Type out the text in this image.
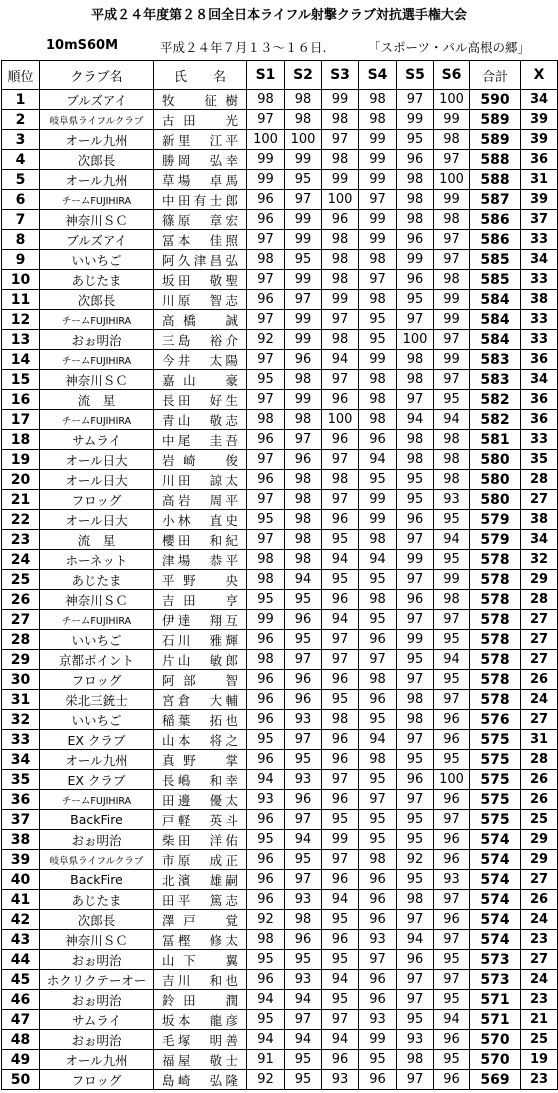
平成２４年度第２８回全日本ライフル射撃クラブ対抗選手権大会
10mS60M	平成２４年７月１３～１６日.	「スポーツ・パル高根の郷」
順位	クラブ名	氏　　名	S1	S2	S3	S4	S5	S6	合計	X
1	ブルズアイ	牧　征樹	98	98	99	98	97	100	590	34
2	岐阜県ライフルクラブ	古田　光	97	98	98	98	99	99	589	39
3	オール九州	新里　江平	100	100	97	99	95	98	589	39
4	次郎長	勝岡　弘幸	99	99	98	99	96	97	588	36
5	オール九州	草場　卓馬	99	95	99	99	98	100	588	31
6	チームFUJIHIRA	中田有士郎	96	97	100	97	98	99	587	39
7	神奈川ＳＣ	篠原　章宏	96	99	96	99	98	98	586	37
8	ブルズアイ	冨本　佳照	97	99	98	99	96	97	586	33
9	いいちご	阿久津昌弘	98	95	98	98	99	97	585	34
10	あじたま	坂田　敬聖	97	99	98	97	96	98	585	33
11	次郎長	川原　智志	96	97	99	98	95	99	584	38
12	チームFUJIHIRA	高橋　誠	97	99	97	95	97	99	584	33
13	おぉ明治	三島　裕介	92	99	98	95	100	97	584	33
14	チームFUJIHIRA	今井　太陽	97	96	94	99	98	99	583	36
15	神奈川ＳＣ	嘉山　豪	95	98	97	98	98	97	583	34
16	流　星	長田　好生	97	99	96	98	97	95	582	36
17	チームFUJIHIRA	青山　敬志	98	98	100	98	94	94	582	36
18	サムライ	中尾　圭吾	96	97	96	96	98	98	581	33
19	オール日大	岩崎　俊	97	96	97	94	98	98	580	35
20	オール日大	川田　諒太	96	98	98	95	95	98	580	28
21	フロッグ	高岩　周平	97	98	97	99	95	93	580	27
22	オール日大	小林　直史	95	98	96	99	96	95	579	38
23	流　星	櫻田　和紀	97	98	95	98	97	94	579	34
24	ホーネット	津場　恭平	98	98	94	94	99	95	578	32
25	あじたま	平野　央	98	94	95	95	97	99	578	29
26	神奈川ＳＣ	吉田　亨	95	95	96	98	96	98	578	28
27	チームFUJIHIRA	伊達　翔互	99	96	94	95	97	97	578	27
28	いいちご	石川　雅輝	96	95	97	96	99	95	578	27
29	京都ポイント	片山　敏郎	98	97	97	97	95	94	578	27
30	フロッグ	阿部　智	96	96	96	98	97	95	578	26
31	栄北三銃士	宮倉　大輔	96	96	95	96	98	97	578	24
32	いいちご	稲葉　拓也	96	93	98	95	98	96	576	27
33	EX クラブ	山本　将之	95	97	96	94	97	96	575	31
34	オール九州	真野　掌	96	95	96	98	95	95	575	28
35	EX クラブ	長嶋　和幸	94	93	97	95	96	100	575	26
36	チームFUJIHIRA	田邊　優太	93	96	96	97	97	96	575	26
37	BackFire	戸軽　英斗	96	97	95	95	95	97	575	25
38	おぉ明治	柴田　洋佑	95	94	99	95	95	96	574	29
39	岐阜県ライフルクラブ	市原　成正	96	95	97	98	92	96	574	29
40	BackFire	北濱　雄嗣	96	97	96	96	95	93	574	27
41	あじたま	田平　篤志	96	93	94	96	98	97	574	26
42	次郎長	澤戸　覚	92	98	95	96	97	96	574	24
43	神奈川ＳＣ	冨樫　修太	98	96	96	93	94	97	574	23
44	おぉ明治	山下　翼	95	95	95	97	96	95	573	27
45	ホクリクテーオー	吉川　和也	96	93	94	96	97	97	573	24
46	おぉ明治	鈴田　潤	94	94	95	96	97	95	571	23
47	サムライ	坂本　龍彦	95	97	97	93	95	94	571	21
48	おぉ明治	毛塚　明善	94	94	94	99	93	96	570	25
49	オール九州	福屋　敬士	91	95	96	95	98	95	570	19
50	フロッグ	島崎　弘隆	92	95	93	96	97	96	569	23
